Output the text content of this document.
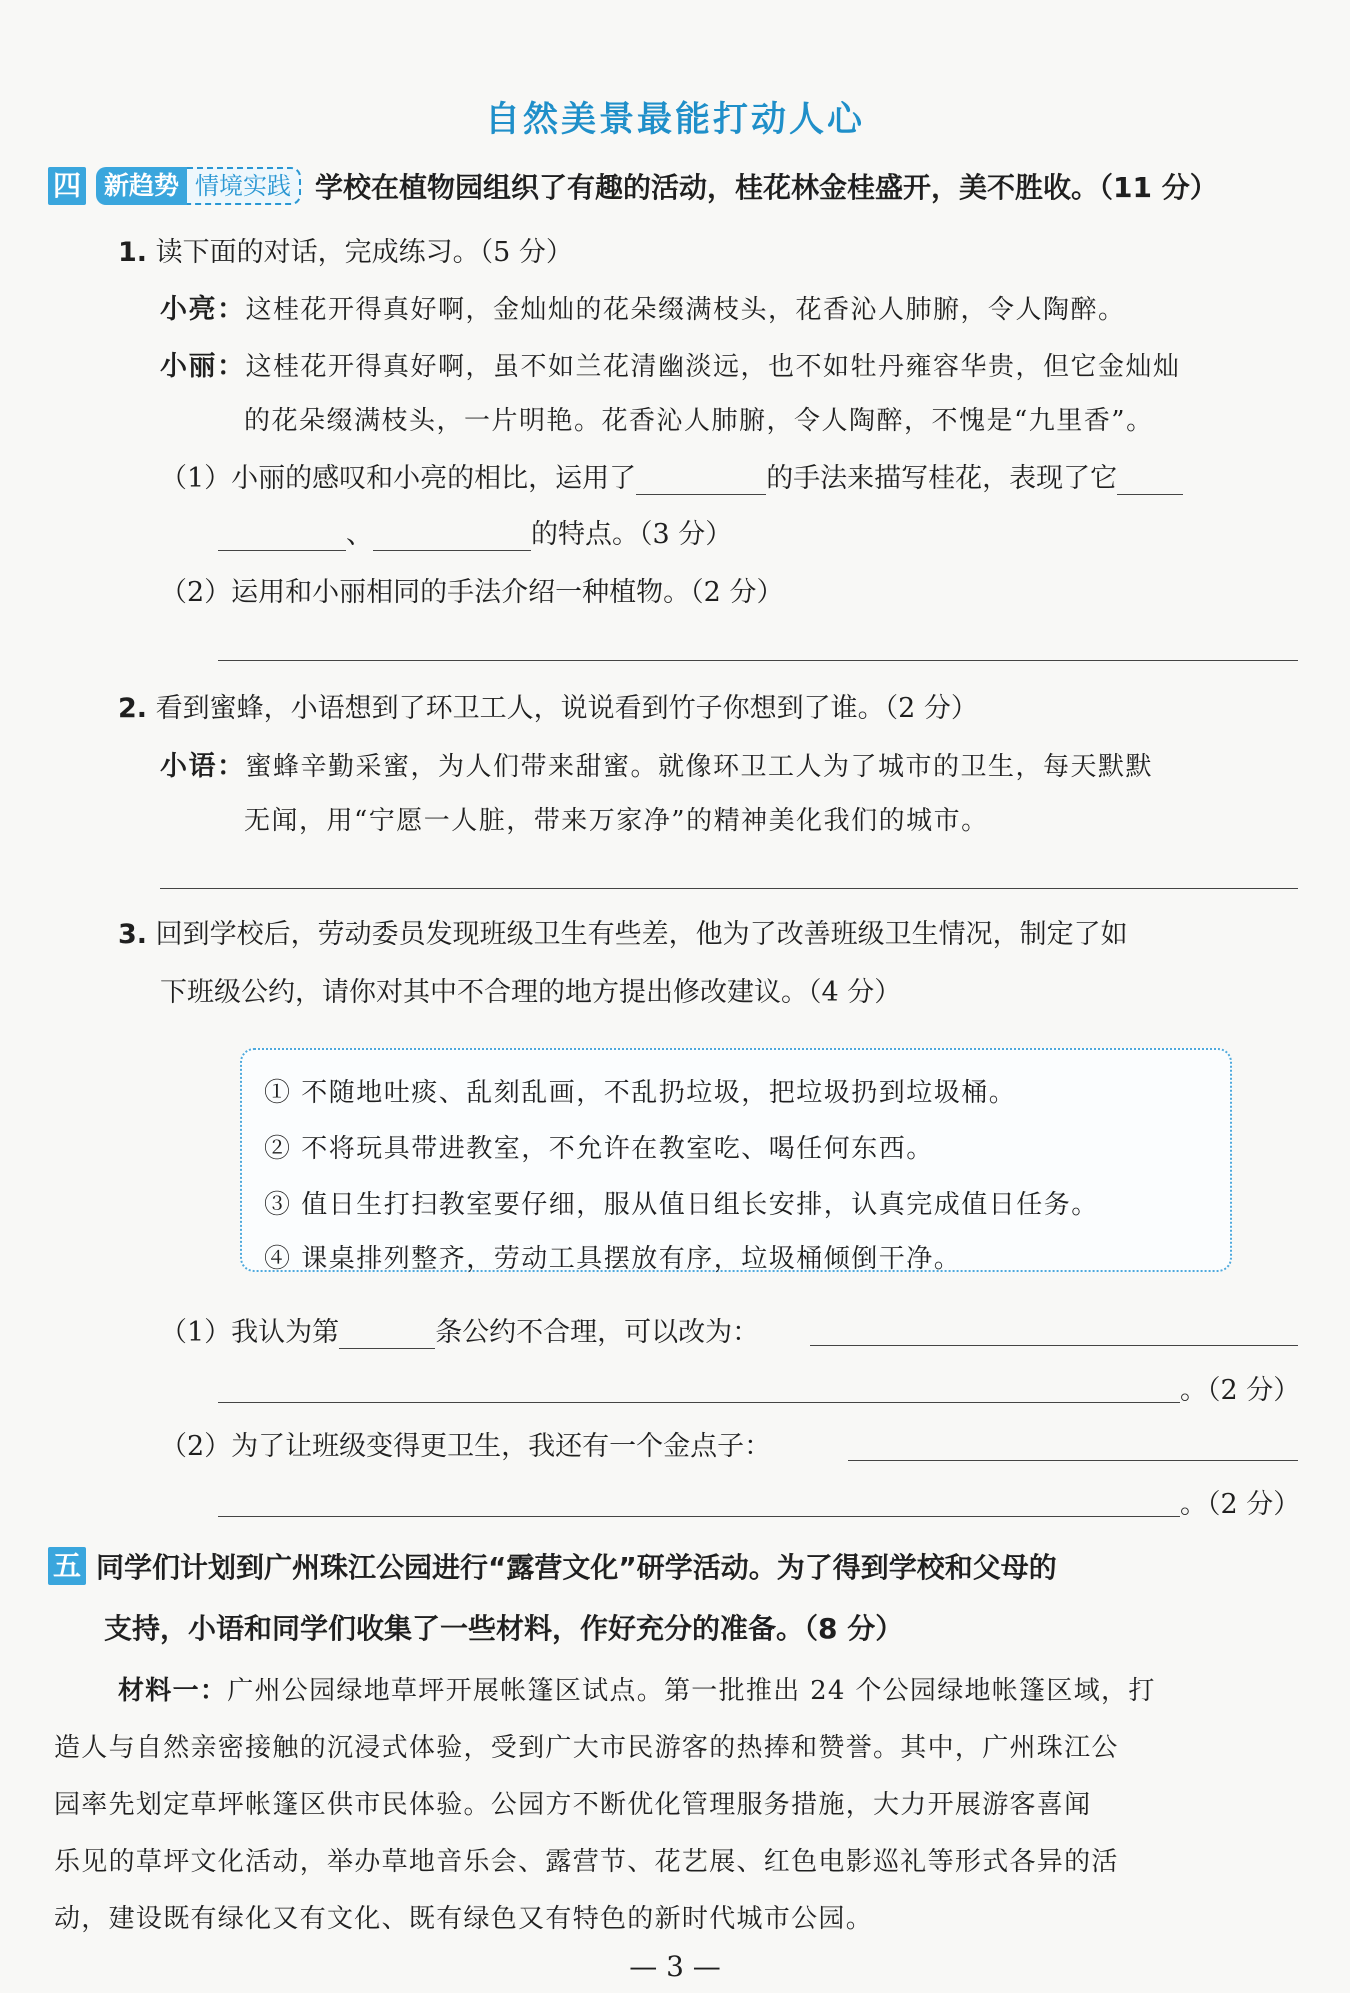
自然美景最能打动人心
四 新趋势 情境实践 学校在植物园组织了有趣的活动，桂花林金桂盛开，美不胜收。（11 分）
1. 读下面的对话，完成练习。（5 分）
小亮：这桂花开得真好啊，金灿灿的花朵缀满枝头，花香沁人肺腑，令人陶醉。
小丽：这桂花开得真好啊，虽不如兰花清幽淡远，也不如牡丹雍容华贵，但它金灿灿
的花朵缀满枝头，一片明艳。花香沁人肺腑，令人陶醉，不愧是“九里香”。
（1）小丽的感叹和小亮的相比，运用了	的手法来描写桂花，表现了它
、	的特点。（3 分）
（2）运用和小丽相同的手法介绍一种植物。（2 分）
2. 看到蜜蜂，小语想到了环卫工人，说说看到竹子你想到了谁。（2 分）
小语：蜜蜂辛勤采蜜，为人们带来甜蜜。就像环卫工人为了城市的卫生，每天默默
无闻，用“宁愿一人脏，带来万家净”的精神美化我们的城市。
3. 回到学校后，劳动委员发现班级卫生有些差，他为了改善班级卫生情况，制定了如
下班级公约，请你对其中不合理的地方提出修改建议。（4 分）
① 不随地吐痰、乱刻乱画，不乱扔垃圾，把垃圾扔到垃圾桶。
② 不将玩具带进教室，不允许在教室吃、喝任何东西。
③ 值日生打扫教室要仔细，服从值日组长安排，认真完成值日任务。
④ 课桌排列整齐，劳动工具摆放有序，垃圾桶倾倒干净。
（1）我认为第	条公约不合理，可以改为：
。（2 分）
（2）为了让班级变得更卫生，我还有一个金点子：
。（2 分）
五 同学们计划到广州珠江公园进行“露营文化”研学活动。为了得到学校和父母的
支持，小语和同学们收集了一些材料，作好充分的准备。（8 分）
材料一：广州公园绿地草坪开展帐篷区试点。第一批推出 24 个公园绿地帐篷区域，打
造人与自然亲密接触的沉浸式体验，受到广大市民游客的热捧和赞誉。其中，广州珠江公
园率先划定草坪帐篷区供市民体验。公园方不断优化管理服务措施，大力开展游客喜闻
乐见的草坪文化活动，举办草地音乐会、露营节、花艺展、红色电影巡礼等形式各异的活
动，建设既有绿化又有文化、既有绿色又有特色的新时代城市公园。
— 3 —
